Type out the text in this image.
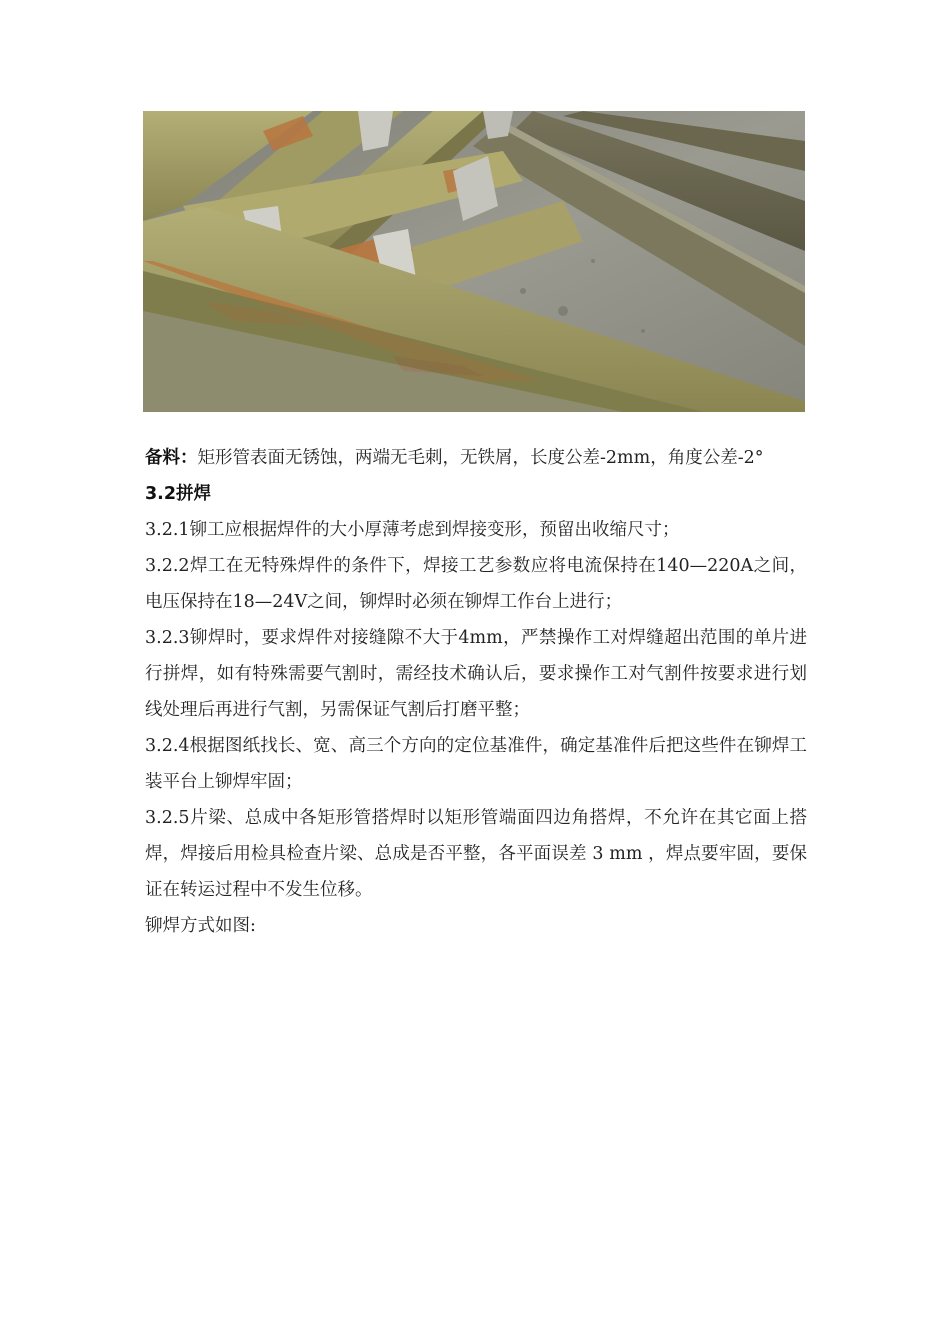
备料：矩形管表面无锈蚀，两端无毛刺，无铁屑，长度公差-2mm，角度公差-2°

3.2拼焊

3.2.1铆工应根据焊件的大小厚薄考虑到焊接变形，预留出收缩尺寸；

3.2.2焊工在无特殊焊件的条件下，焊接工艺参数应将电流保持在140—220A之间，电压保持在18—24V之间，铆焊时必须在铆焊工作台上进行；

3.2.3铆焊时，要求焊件对接缝隙不大于4mm，严禁操作工对焊缝超出范围的单片进行拼焊，如有特殊需要气割时，需经技术确认后，要求操作工对气割件按要求进行划线处理后再进行气割，另需保证气割后打磨平整；

3.2.4根据图纸找长、宽、高三个方向的定位基准件，确定基准件后把这些件在铆焊工装平台上铆焊牢固；

3.2.5片梁、总成中各矩形管搭焊时以矩形管端面四边角搭焊，不允许在其它面上搭焊，焊接后用检具检查片梁、总成是否平整，各平面误差 3 mm ，焊点要牢固，要保证在转运过程中不发生位移。

铆焊方式如图:
